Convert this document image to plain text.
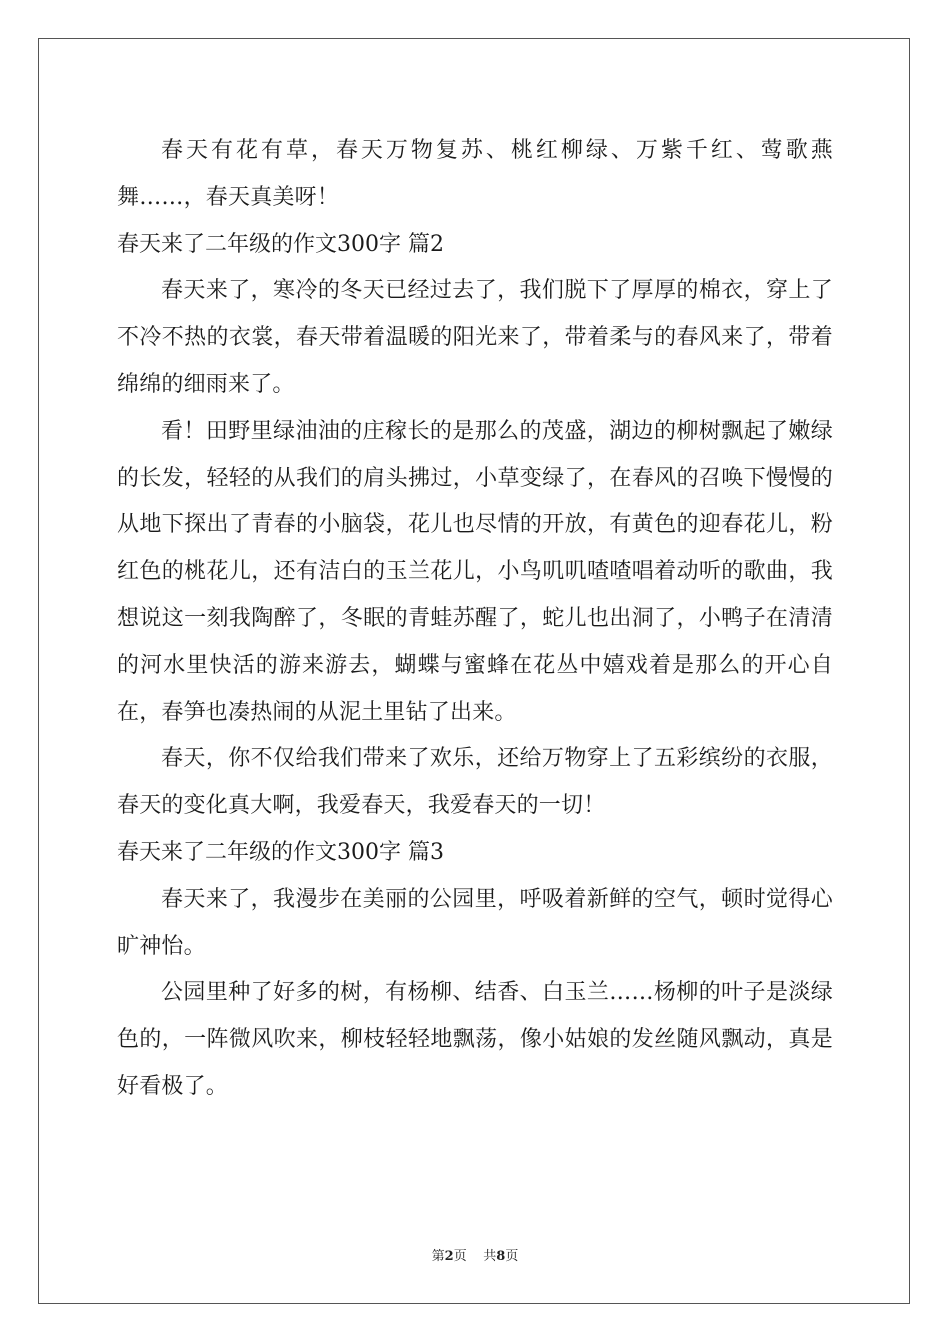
春天有花有草，春天万物复苏、桃红柳绿、万紫千红、莺歌燕舞……，春天真美呀！

春天来了二年级的作文300字 篇2

春天来了，寒冷的冬天已经过去了，我们脱下了厚厚的棉衣，穿上了不冷不热的衣裳，春天带着温暖的阳光来了，带着柔与的春风来了，带着绵绵的细雨来了。

看！田野里绿油油的庄稼长的是那么的茂盛，湖边的柳树飘起了嫩绿的长发，轻轻的从我们的肩头拂过，小草变绿了，在春风的召唤下慢慢的从地下探出了青春的小脑袋，花儿也尽情的开放，有黄色的迎春花儿，粉红色的桃花儿，还有洁白的玉兰花儿，小鸟叽叽喳喳唱着动听的歌曲，我想说这一刻我陶醉了，冬眠的青蛙苏醒了，蛇儿也出洞了，小鸭子在清清的河水里快活的游来游去，蝴蝶与蜜蜂在花丛中嬉戏着是那么的开心自在，春笋也凑热闹的从泥土里钻了出来。

春天，你不仅给我们带来了欢乐，还给万物穿上了五彩缤纷的衣服，春天的变化真大啊，我爱春天，我爱春天的一切！

春天来了二年级的作文300字 篇3

春天来了，我漫步在美丽的公园里，呼吸着新鲜的空气，顿时觉得心旷神怡。

公园里种了好多的树，有杨柳、结香、白玉兰……杨柳的叶子是淡绿色的，一阵微风吹来，柳枝轻轻地飘荡，像小姑娘的发丝随风飘动，真是好看极了。

第2页 共8页
